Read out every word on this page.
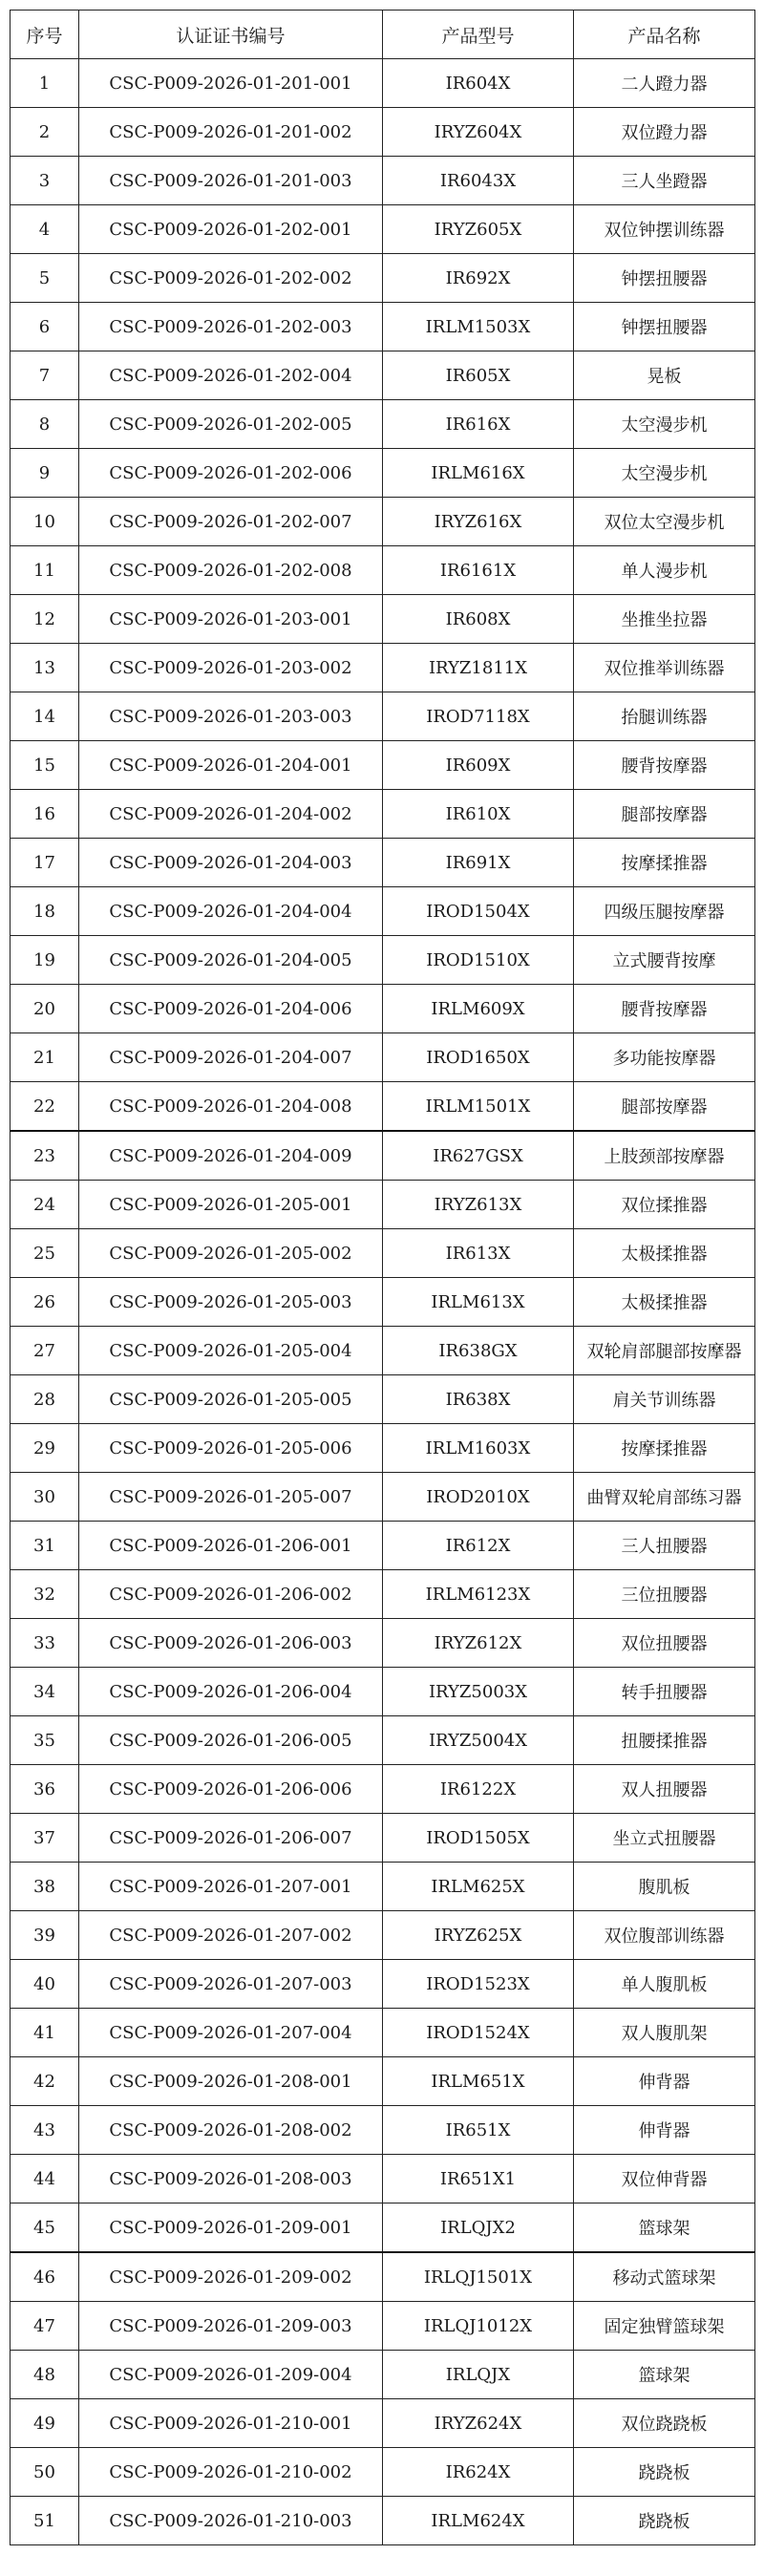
序号	认证证书编号	产品型号	产品名称
1	CSC-P009-2026-01-201-001	IR604X	二人蹬力器
2	CSC-P009-2026-01-201-002	IRYZ604X	双位蹬力器
3	CSC-P009-2026-01-201-003	IR6043X	三人坐蹬器
4	CSC-P009-2026-01-202-001	IRYZ605X	双位钟摆训练器
5	CSC-P009-2026-01-202-002	IR692X	钟摆扭腰器
6	CSC-P009-2026-01-202-003	IRLM1503X	钟摆扭腰器
7	CSC-P009-2026-01-202-004	IR605X	晃板
8	CSC-P009-2026-01-202-005	IR616X	太空漫步机
9	CSC-P009-2026-01-202-006	IRLM616X	太空漫步机
10	CSC-P009-2026-01-202-007	IRYZ616X	双位太空漫步机
11	CSC-P009-2026-01-202-008	IR6161X	单人漫步机
12	CSC-P009-2026-01-203-001	IR608X	坐推坐拉器
13	CSC-P009-2026-01-203-002	IRYZ1811X	双位推举训练器
14	CSC-P009-2026-01-203-003	IROD7118X	抬腿训练器
15	CSC-P009-2026-01-204-001	IR609X	腰背按摩器
16	CSC-P009-2026-01-204-002	IR610X	腿部按摩器
17	CSC-P009-2026-01-204-003	IR691X	按摩揉推器
18	CSC-P009-2026-01-204-004	IROD1504X	四级压腿按摩器
19	CSC-P009-2026-01-204-005	IROD1510X	立式腰背按摩
20	CSC-P009-2026-01-204-006	IRLM609X	腰背按摩器
21	CSC-P009-2026-01-204-007	IROD1650X	多功能按摩器
22	CSC-P009-2026-01-204-008	IRLM1501X	腿部按摩器
23	CSC-P009-2026-01-204-009	IR627GSX	上肢颈部按摩器
24	CSC-P009-2026-01-205-001	IRYZ613X	双位揉推器
25	CSC-P009-2026-01-205-002	IR613X	太极揉推器
26	CSC-P009-2026-01-205-003	IRLM613X	太极揉推器
27	CSC-P009-2026-01-205-004	IR638GX	双轮肩部腿部按摩器
28	CSC-P009-2026-01-205-005	IR638X	肩关节训练器
29	CSC-P009-2026-01-205-006	IRLM1603X	按摩揉推器
30	CSC-P009-2026-01-205-007	IROD2010X	曲臂双轮肩部练习器
31	CSC-P009-2026-01-206-001	IR612X	三人扭腰器
32	CSC-P009-2026-01-206-002	IRLM6123X	三位扭腰器
33	CSC-P009-2026-01-206-003	IRYZ612X	双位扭腰器
34	CSC-P009-2026-01-206-004	IRYZ5003X	转手扭腰器
35	CSC-P009-2026-01-206-005	IRYZ5004X	扭腰揉推器
36	CSC-P009-2026-01-206-006	IR6122X	双人扭腰器
37	CSC-P009-2026-01-206-007	IROD1505X	坐立式扭腰器
38	CSC-P009-2026-01-207-001	IRLM625X	腹肌板
39	CSC-P009-2026-01-207-002	IRYZ625X	双位腹部训练器
40	CSC-P009-2026-01-207-003	IROD1523X	单人腹肌板
41	CSC-P009-2026-01-207-004	IROD1524X	双人腹肌架
42	CSC-P009-2026-01-208-001	IRLM651X	伸背器
43	CSC-P009-2026-01-208-002	IR651X	伸背器
44	CSC-P009-2026-01-208-003	IR651X1	双位伸背器
45	CSC-P009-2026-01-209-001	IRLQJX2	篮球架
46	CSC-P009-2026-01-209-002	IRLQJ1501X	移动式篮球架
47	CSC-P009-2026-01-209-003	IRLQJ1012X	固定独臂篮球架
48	CSC-P009-2026-01-209-004	IRLQJX	篮球架
49	CSC-P009-2026-01-210-001	IRYZ624X	双位跷跷板
50	CSC-P009-2026-01-210-002	IR624X	跷跷板
51	CSC-P009-2026-01-210-003	IRLM624X	跷跷板
